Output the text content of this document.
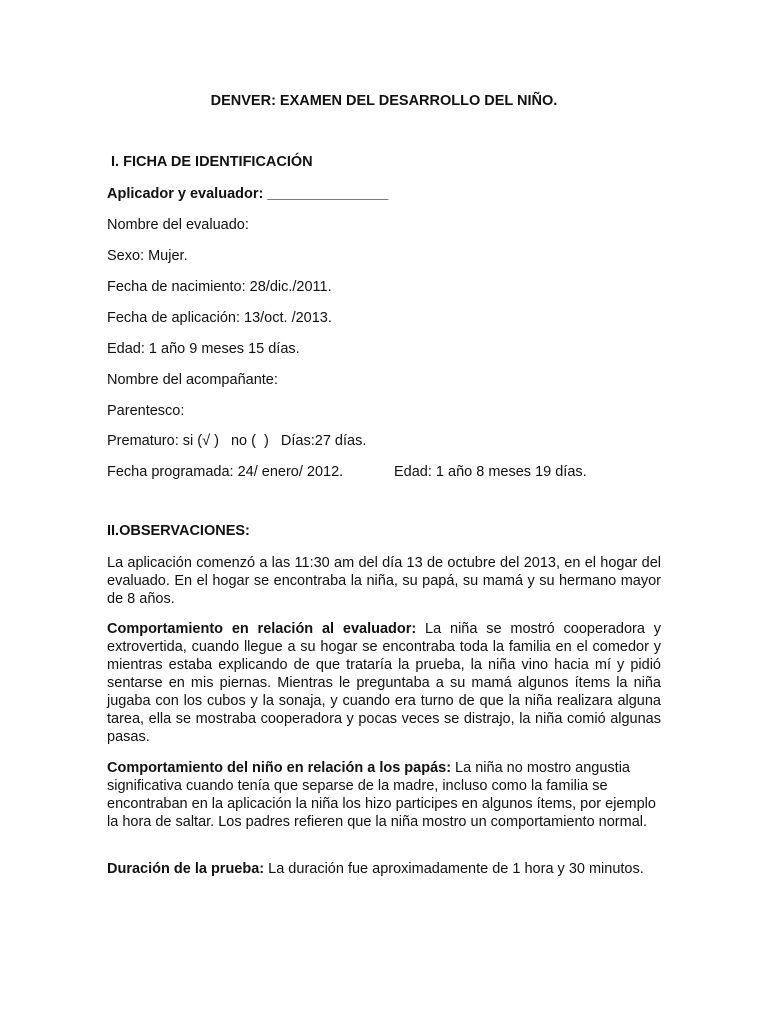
DENVER: EXAMEN DEL DESARROLLO DEL NIÑO.
I. FICHA DE IDENTIFICACIÓN
Aplicador y evaluador: _______________
Nombre del evaluado:
Sexo: Mujer.
Fecha de nacimiento: 28/dic./2011.
Fecha de aplicación: 13/oct. /2013.
Edad: 1 año 9 meses 15 días.
Nombre del acompañante:
Parentesco:
Prematuro: si (√ )   no (  )   Días:27 días.
Fecha programada: 24/ enero/ 2012.	Edad: 1 año 8 meses 19 días.
II.OBSERVACIONES:
La aplicación comenzó a las 11:30 am del día 13 de octubre del 2013, en el hogar del evaluado. En el hogar se encontraba la niña, su papá, su mamá y su hermano mayor de 8 años.
Comportamiento en relación al evaluador: La niña se mostró cooperadora y extrovertida, cuando llegue a su hogar se encontraba toda la familia en el comedor y mientras estaba explicando de que trataría la prueba, la niña vino hacia mí y pidió sentarse en mis piernas. Mientras le preguntaba a su mamá algunos ítems la niña jugaba con los cubos y la sonaja, y cuando era turno de que la niña realizara alguna tarea, ella se mostraba cooperadora y pocas veces se distrajo, la niña comió algunas pasas.
Comportamiento del niño en relación a los papás: La niña no mostro angustia significativa cuando tenía que separse de la madre, incluso como la familia se encontraban en la aplicación la niña los hizo participes en algunos ítems, por ejemplo la hora de saltar. Los padres refieren que la niña mostro un comportamiento normal.
Duración de la prueba: La duración fue aproximadamente de 1 hora y 30 minutos.
